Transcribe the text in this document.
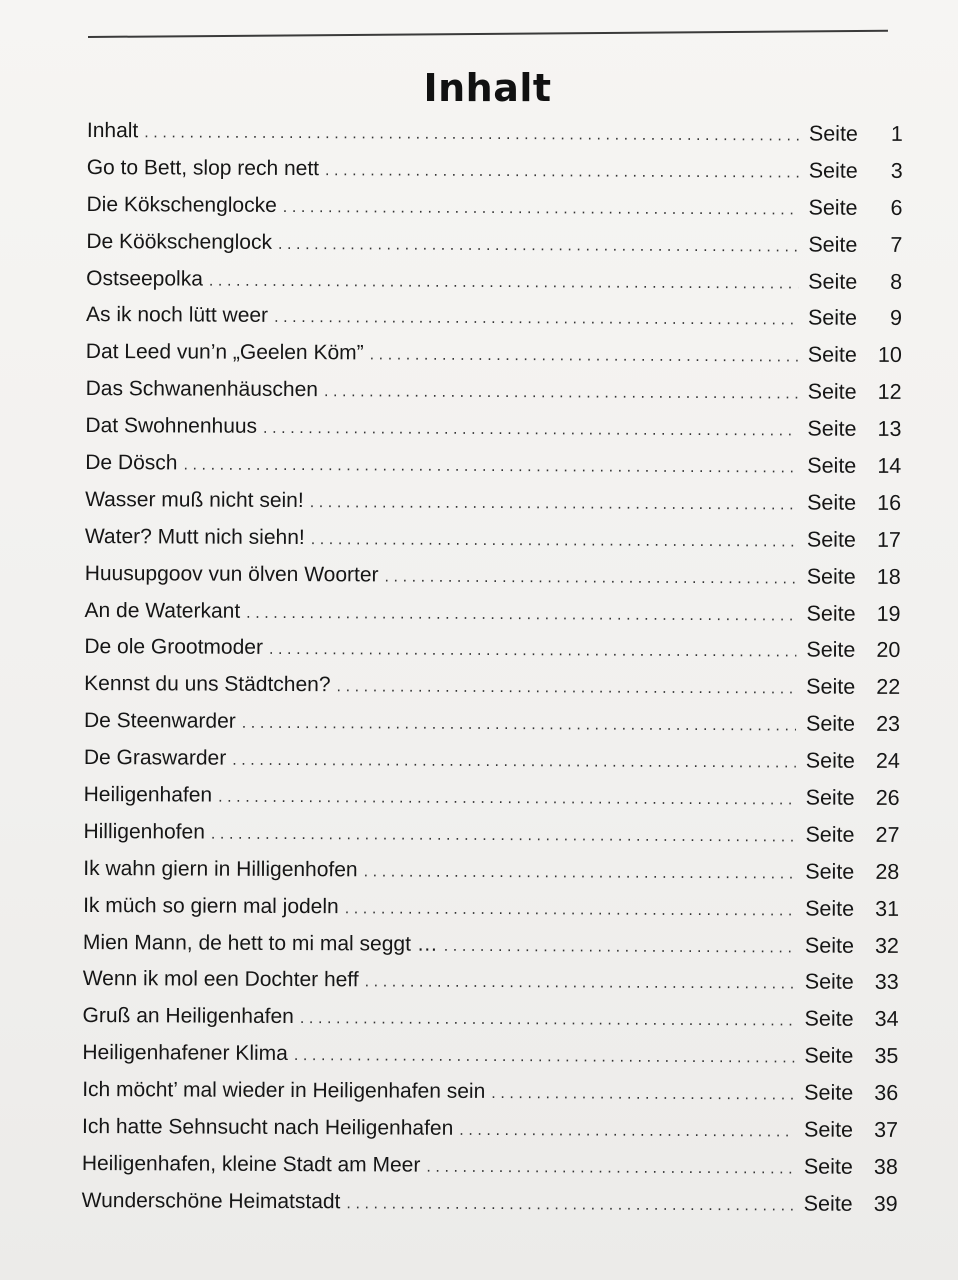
Inhalt
Inhalt .....	Seite	1
Go to Bett, slop rech nett .....	Seite	3
Die Kökschenglocke .....	Seite	6
De Köökschenglock .....	Seite	7
Ostseepolka .....	Seite	8
As ik noch lütt weer .....	Seite	9
Dat Leed vun’n „Geelen Köm” .....	Seite 10
Das Schwanenhäuschen .....	Seite 12
Dat Swohnenhuus .....	Seite 13
De Dösch .....	Seite 14
Wasser muß nicht sein! .....	Seite 16
Water? Mutt nich siehn! .....	Seite 17
Huusupgoov vun ölven Woorter .....	Seite 18
An de Waterkant .....	Seite 19
De ole Grootmoder .....	Seite 20
Kennst du uns Städtchen? .....	Seite 22
De Steenwarder .....	Seite 23
De Graswarder .....	Seite 24
Heiligenhafen .....	Seite 26
Hilligenhofen .....	Seite 27
Ik wahn giern in Hilligenhofen .....	Seite 28
Ik müch so giern mal jodeln .....	Seite 31
Mien Mann, de hett to mi mal seggt … .....	Seite 32
Wenn ik mol een Dochter heff .....	Seite 33
Gruß an Heiligenhafen .....	Seite 34
Heiligenhafener Klima .....	Seite 35
Ich möcht’ mal wieder in Heiligenhafen sein .....	Seite 36
Ich hatte Sehnsucht nach Heiligenhafen .....	Seite 37
Heiligenhafen, kleine Stadt am Meer .....	Seite 38
Wunderschöne Heimatstadt .....	Seite 39
